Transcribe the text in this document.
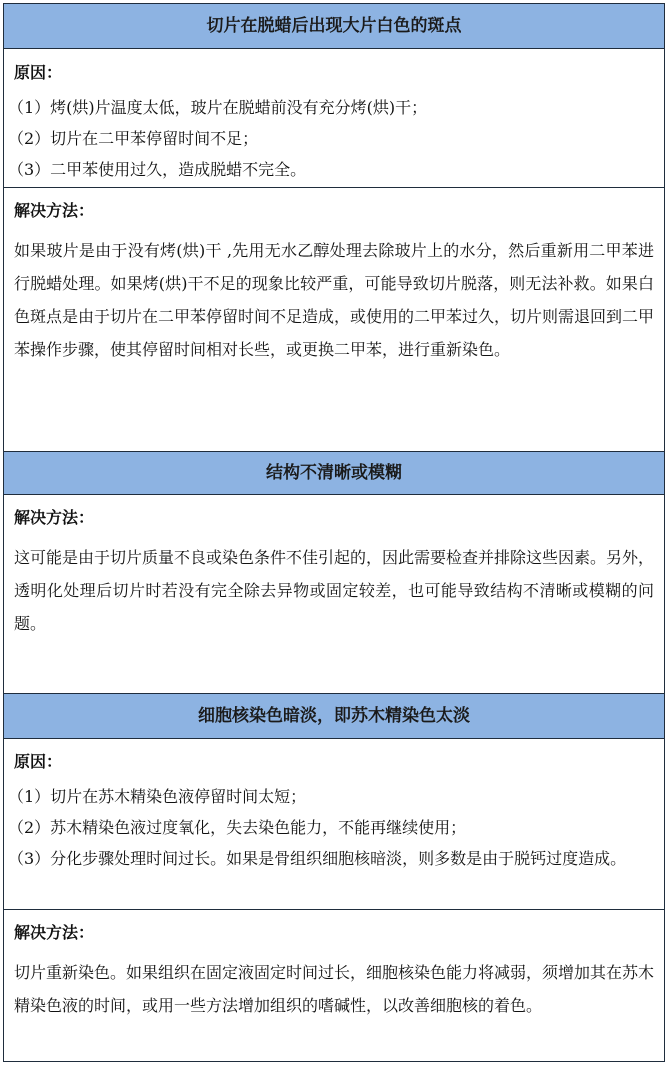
切片在脱蜡后出现大片白色的斑点
原因：
（1）烤(烘)片温度太低，玻片在脱蜡前没有充分烤(烘)干；
（2）切片在二甲苯停留时间不足；
（3）二甲苯使用过久，造成脱蜡不完全。
解决方法：

如果玻片是由于没有烤(烘)干 ,先用无水乙醇处理去除玻片上的水分，然后重新用二甲苯进行脱蜡处理。如果烤(烘)干不足的现象比较严重，可能导致切片脱落，则无法补救。如果白色斑点是由于切片在二甲苯停留时间不足造成，或使用的二甲苯过久，切片则需退回到二甲苯操作步骤，使其停留时间相对长些，或更换二甲苯，进行重新染色。

结构不清晰或模糊
解决方法：

这可能是由于切片质量不良或染色条件不佳引起的，因此需要检查并排除这些因素。另外，透明化处理后切片时若没有完全除去异物或固定较差，也可能导致结构不清晰或模糊的问题。

细胞核染色暗淡，即苏木精染色太淡
原因：
（1）切片在苏木精染色液停留时间太短；
（2）苏木精染色液过度氧化，失去染色能力，不能再继续使用；
（3）分化步骤处理时间过长。如果是骨组织细胞核暗淡，则多数是由于脱钙过度造成。
解决方法：

切片重新染色。如果组织在固定液固定时间过长，细胞核染色能力将减弱，须增加其在苏木精染色液的时间，或用一些方法增加组织的嗜碱性，以改善细胞核的着色。
